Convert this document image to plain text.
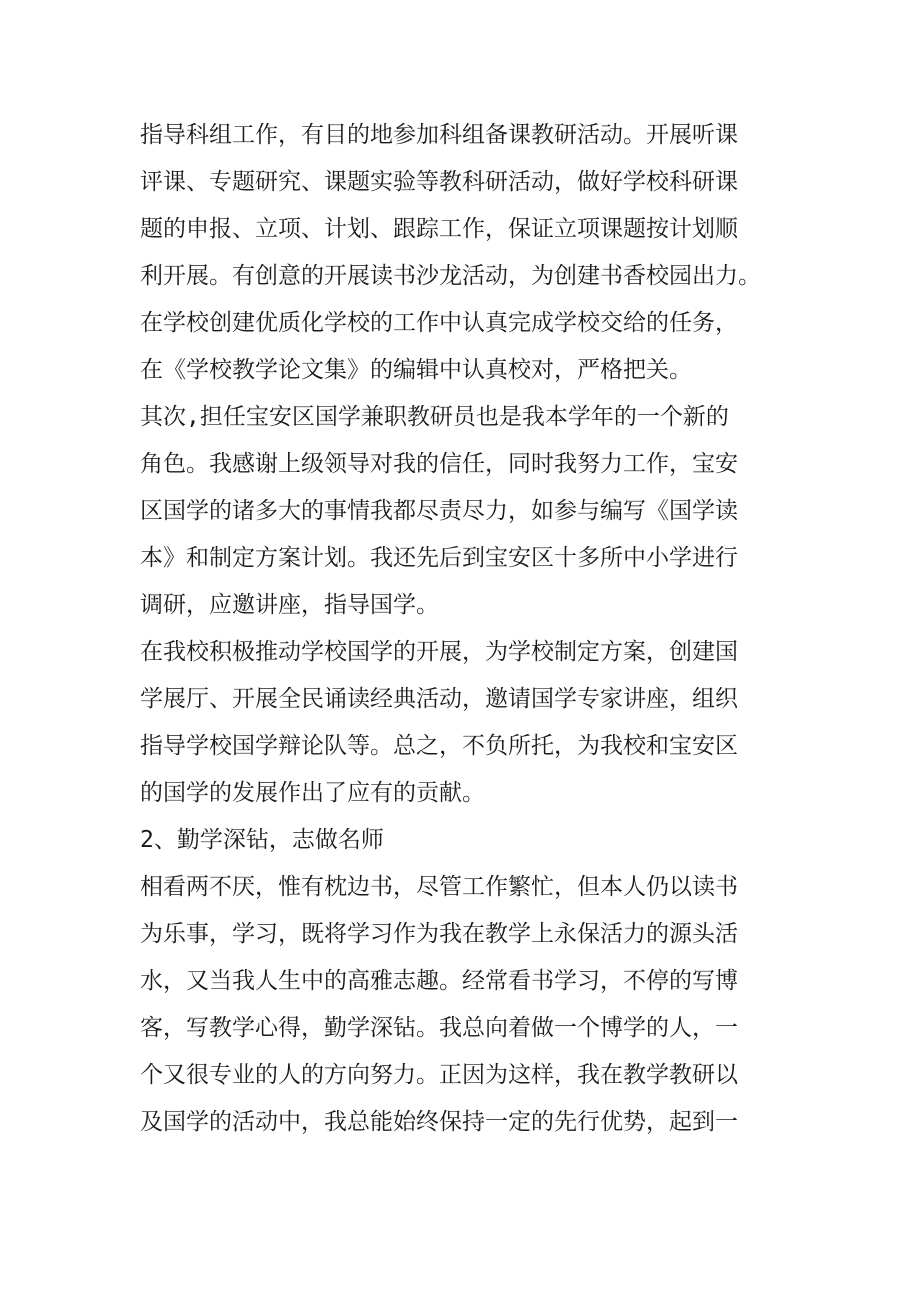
指导科组工作，有目的地参加科组备课教研活动。开展听课
评课、专题研究、课题实验等教科研活动，做好学校科研课
题的申报、立项、计划、跟踪工作，保证立项课题按计划顺
利开展。有创意的开展读书沙龙活动，为创建书香校园出力。
在学校创建优质化学校的工作中认真完成学校交给的任务，
在《学校教学论文集》的编辑中认真校对，严格把关。
其次,担任宝安区国学兼职教研员也是我本学年的一个新的
角色。我感谢上级领导对我的信任，同时我努力工作，宝安
区国学的诸多大的事情我都尽责尽力，如参与编写《国学读
本》和制定方案计划。我还先后到宝安区十多所中小学进行
调研，应邀讲座，指导国学。
在我校积极推动学校国学的开展，为学校制定方案，创建国
学展厅、开展全民诵读经典活动，邀请国学专家讲座，组织
指导学校国学辩论队等。总之，不负所托，为我校和宝安区
的国学的发展作出了应有的贡献。
2、勤学深钻，志做名师
相看两不厌，惟有枕边书，尽管工作繁忙，但本人仍以读书
为乐事，学习，既将学习作为我在教学上永保活力的源头活
水，又当我人生中的高雅志趣。经常看书学习，不停的写博
客，写教学心得，勤学深钻。我总向着做一个博学的人，一
个又很专业的人的方向努力。正因为这样，我在教学教研以
及国学的活动中，我总能始终保持一定的先行优势，起到一
